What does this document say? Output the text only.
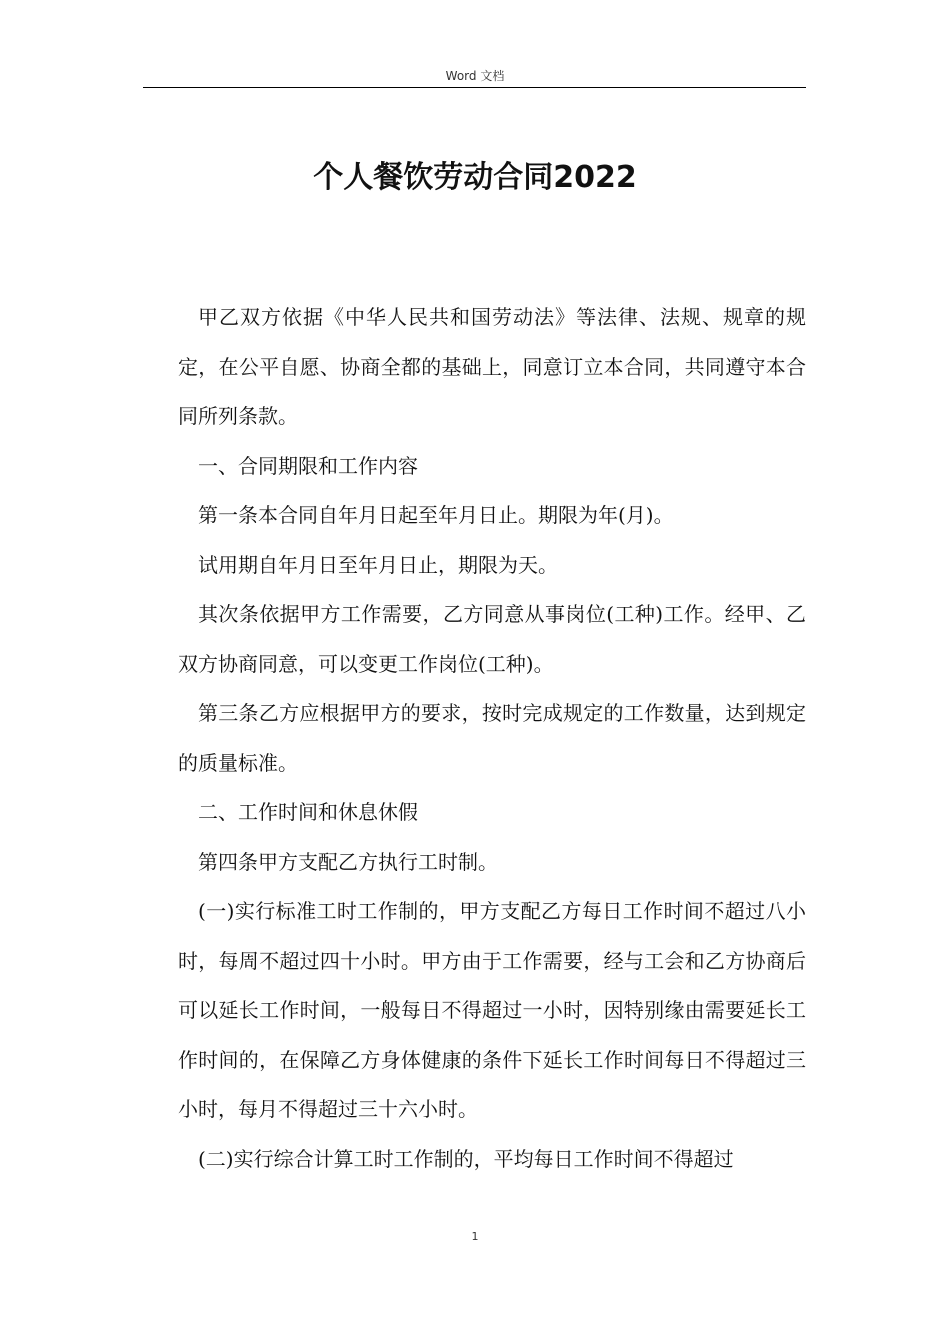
Word 文档
个人餐饮劳动合同2022

甲乙双方依据《中华人民共和国劳动法》等法律、法规、规章的规定，在公平自愿、协商全都的基础上，同意订立本合同，共同遵守本合同所列条款。

一、合同期限和工作内容

第一条本合同自年月日起至年月日止。期限为年(月)。

试用期自年月日至年月日止，期限为天。

其次条依据甲方工作需要，乙方同意从事岗位(工种)工作。经甲、乙双方协商同意，可以变更工作岗位(工种)。

第三条乙方应根据甲方的要求，按时完成规定的工作数量，达到规定的质量标准。

二、工作时间和休息休假

第四条甲方支配乙方执行工时制。

(一)实行标准工时工作制的，甲方支配乙方每日工作时间不超过八小时，每周不超过四十小时。甲方由于工作需要，经与工会和乙方协商后可以延长工作时间，一般每日不得超过一小时，因特别缘由需要延长工作时间的，在保障乙方身体健康的条件下延长工作时间每日不得超过三小时，每月不得超过三十六小时。

(二)实行综合计算工时工作制的，平均每日工作时间不得超过

1
